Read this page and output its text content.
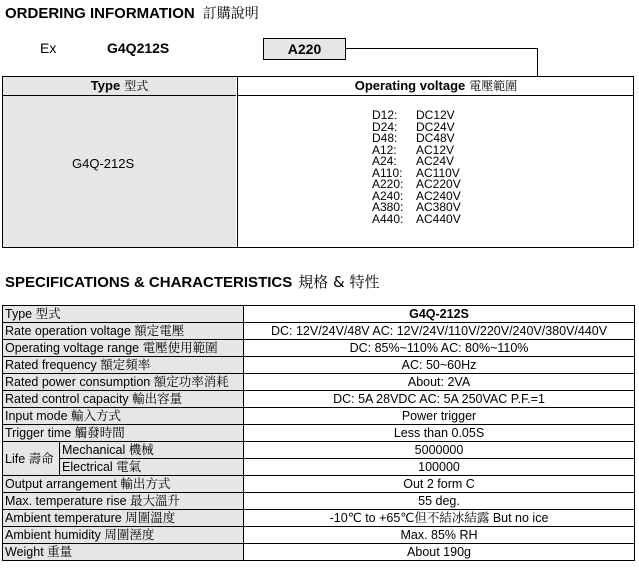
ORDERING INFORMATION 訂購說明
Ex	G4Q212S	A220
Type 型式	Operating voltage 電壓範圍
G4Q-212S
D12:	DC12V
D24:	DC24V
D48:	DC48V
A12:	AC12V
A24:	AC24V
A110:	AC110V
A220:	AC220V
A240:	AC240V
A380:	AC380V
A440:	AC440V
SPECIFICATIONS & CHARACTERISTICS 規格 & 特性
Type 型式		G4Q-212S
Rate operation voltage 額定電壓		DC: 12V/24V/48V AC: 12V/24V/110V/220V/240V/380V/440V
Operating voltage range 電壓使用範圍		DC: 85%~110% AC: 80%~110%
Rated frequency 額定頻率		AC: 50~60Hz
Rated power consumption 額定功率消耗		About: 2VA
Rated control capacity 輸出容量		DC: 5A 28VDC AC: 5A 250VAC P.F.=1
Input mode 輸入方式		Power trigger
Trigger time 觸發時間		Less than 0.05S
Life 壽命	Mechanical 機械	5000000
	Electrical 電氣	100000
Output arrangement 輸出方式		Out 2 form C
Max. temperature rise 最大溫升		55 deg.
Ambient temperature 周圍溫度		-10℃ to +65℃但不結冰結露 But no ice
Ambient humidity 周圍溼度		Max. 85% RH
Weight 重量		About 190g
